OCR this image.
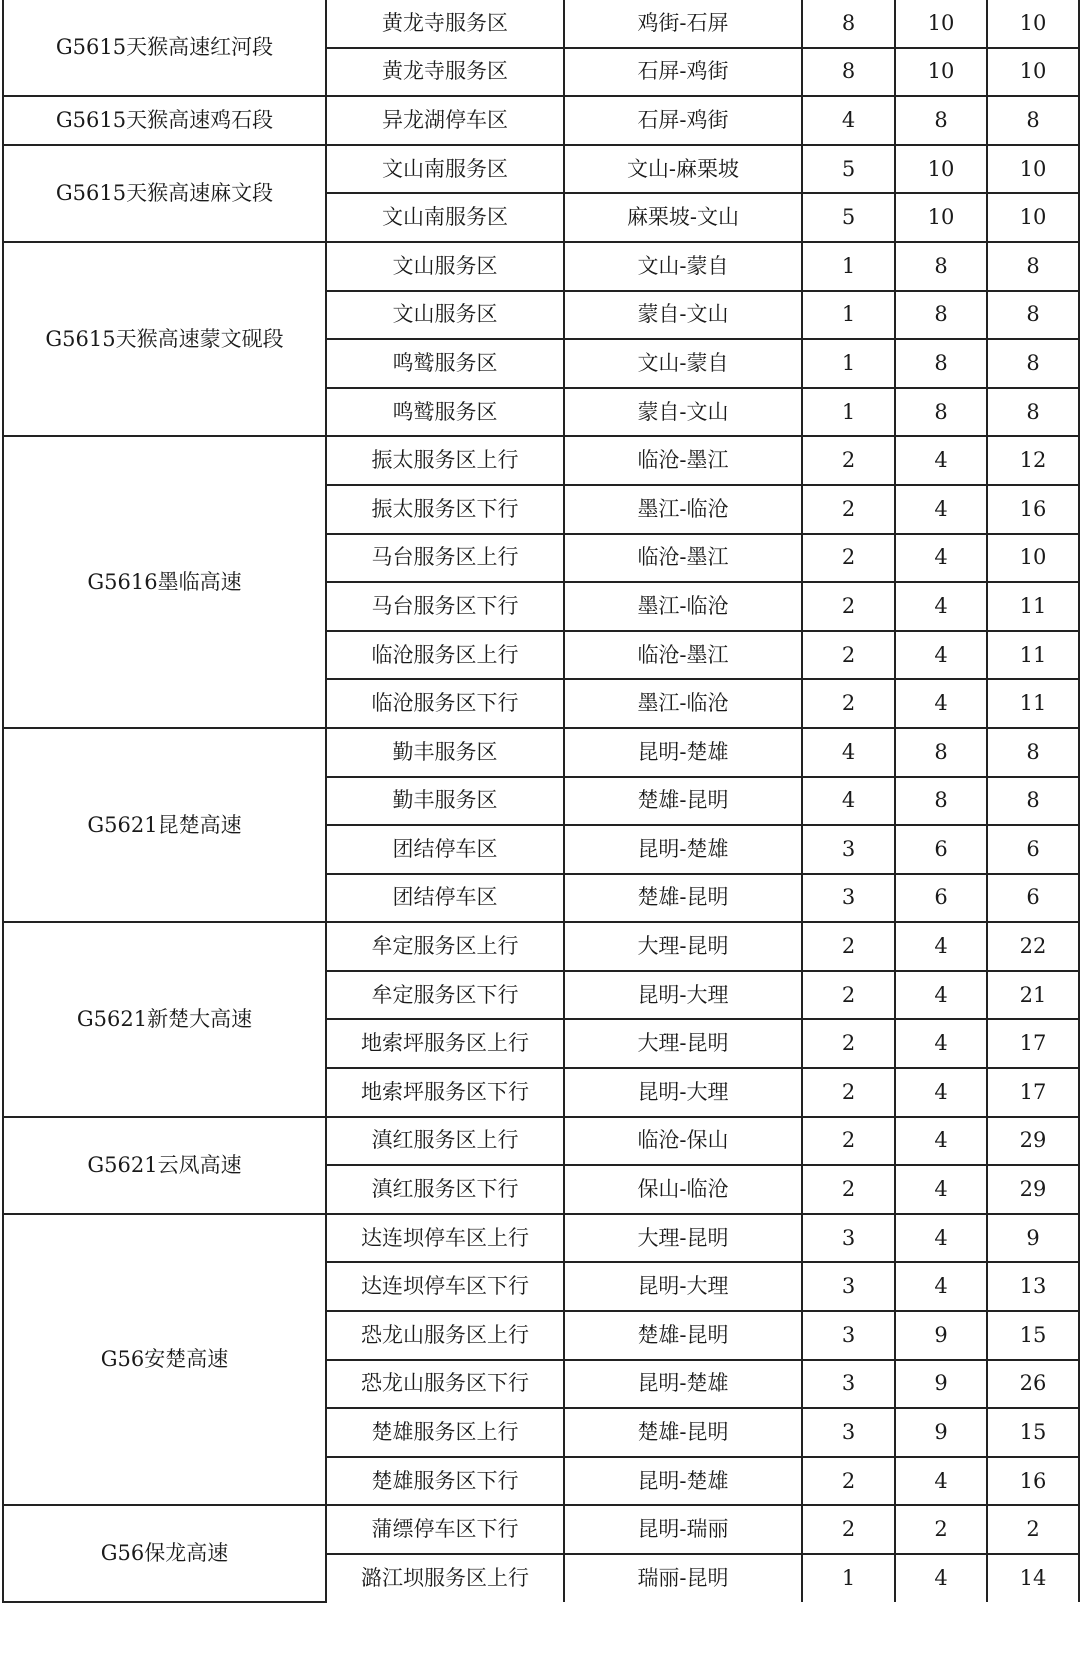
G5615天猴高速红河段	黄龙寺服务区	鸡街-石屏	8	10	10
	黄龙寺服务区	石屏-鸡街	8	10	10
G5615天猴高速鸡石段	异龙湖停车区	石屏-鸡街	4	8	8
G5615天猴高速麻文段	文山南服务区	文山-麻栗坡	5	10	10
	文山南服务区	麻栗坡-文山	5	10	10
G5615天猴高速蒙文砚段	文山服务区	文山-蒙自	1	8	8
	文山服务区	蒙自-文山	1	8	8
	鸣鹫服务区	文山-蒙自	1	8	8
	鸣鹫服务区	蒙自-文山	1	8	8
G5616墨临高速	振太服务区上行	临沧-墨江	2	4	12
	振太服务区下行	墨江-临沧	2	4	16
	马台服务区上行	临沧-墨江	2	4	10
	马台服务区下行	墨江-临沧	2	4	11
	临沧服务区上行	临沧-墨江	2	4	11
	临沧服务区下行	墨江-临沧	2	4	11
G5621昆楚高速	勤丰服务区	昆明-楚雄	4	8	8
	勤丰服务区	楚雄-昆明	4	8	8
	团结停车区	昆明-楚雄	3	6	6
	团结停车区	楚雄-昆明	3	6	6
G5621新楚大高速	牟定服务区上行	大理-昆明	2	4	22
	牟定服务区下行	昆明-大理	2	4	21
	地索坪服务区上行	大理-昆明	2	4	17
	地索坪服务区下行	昆明-大理	2	4	17
G5621云凤高速	滇红服务区上行	临沧-保山	2	4	29
	滇红服务区下行	保山-临沧	2	4	29
G56安楚高速	达连坝停车区上行	大理-昆明	3	4	9
	达连坝停车区下行	昆明-大理	3	4	13
	恐龙山服务区上行	楚雄-昆明	3	9	15
	恐龙山服务区下行	昆明-楚雄	3	9	26
	楚雄服务区上行	楚雄-昆明	3	9	15
	楚雄服务区下行	昆明-楚雄	2	4	16
G56保龙高速	蒲缥停车区下行	昆明-瑞丽	2	2	2
	潞江坝服务区上行	瑞丽-昆明	1	4	14
